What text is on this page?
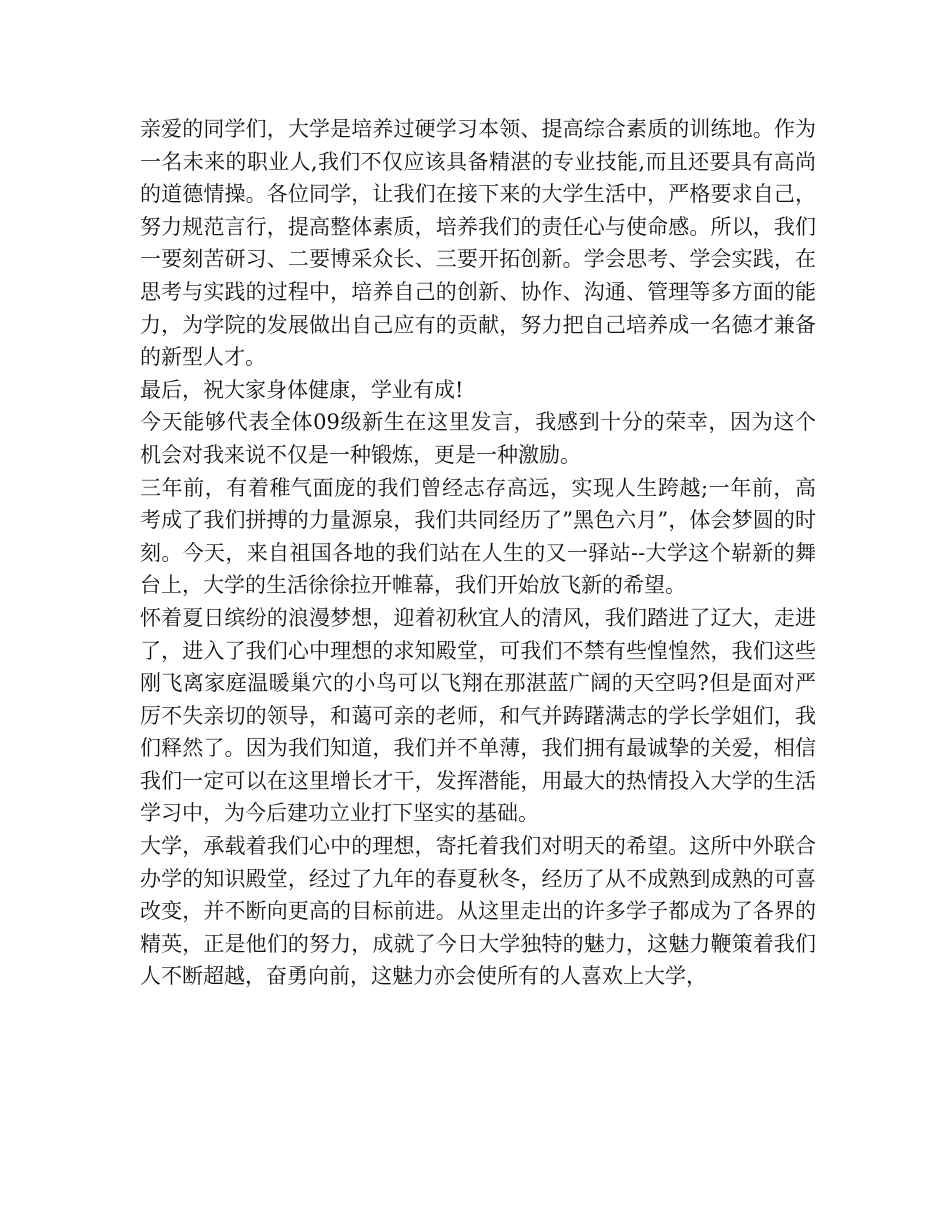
亲爱的同学们，大学是培养过硬学习本领、提高综合素质的训练地。作为一名未来的职业人,我们不仅应该具备精湛的专业技能,而且还要具有高尚的道德情操。各位同学，让我们在接下来的大学生活中，严格要求自己，努力规范言行，提高整体素质，培养我们的责任心与使命感。所以，我们一要刻苦研习、二要博采众长、三要开拓创新。学会思考、学会实践，在思考与实践的过程中，培养自己的创新、协作、沟通、管理等多方面的能力，为学院的发展做出自己应有的贡献，努力把自己培养成一名德才兼备的新型人才。

最后，祝大家身体健康，学业有成!

今天能够代表全体09级新生在这里发言，我感到十分的荣幸，因为这个机会对我来说不仅是一种锻炼，更是一种激励。

三年前，有着稚气面庞的我们曾经志存高远，实现人生跨越;一年前，高考成了我们拼搏的力量源泉，我们共同经历了”黑色六月”，体会梦圆的时刻。今天，来自祖国各地的我们站在人生的又一驿站--大学这个崭新的舞台上，大学的生活徐徐拉开帷幕，我们开始放飞新的希望。

怀着夏日缤纷的浪漫梦想，迎着初秋宜人的清风，我们踏进了辽大，走进了，进入了我们心中理想的求知殿堂，可我们不禁有些惶惶然，我们这些刚飞离家庭温暖巢穴的小鸟可以飞翔在那湛蓝广阔的天空吗?但是面对严厉不失亲切的领导，和蔼可亲的老师，和气并踌躇满志的学长学姐们，我们释然了。因为我们知道，我们并不单薄，我们拥有最诚挚的关爱，相信我们一定可以在这里增长才干，发挥潜能，用最大的热情投入大学的生活学习中，为今后建功立业打下坚实的基础。

大学，承载着我们心中的理想，寄托着我们对明天的希望。这所中外联合办学的知识殿堂，经过了九年的春夏秋冬，经历了从不成熟到成熟的可喜改变，并不断向更高的目标前进。从这里走出的许多学子都成为了各界的精英，正是他们的努力，成就了今日大学独特的魅力，这魅力鞭策着我们人不断超越，奋勇向前，这魅力亦会使所有的人喜欢上大学，
